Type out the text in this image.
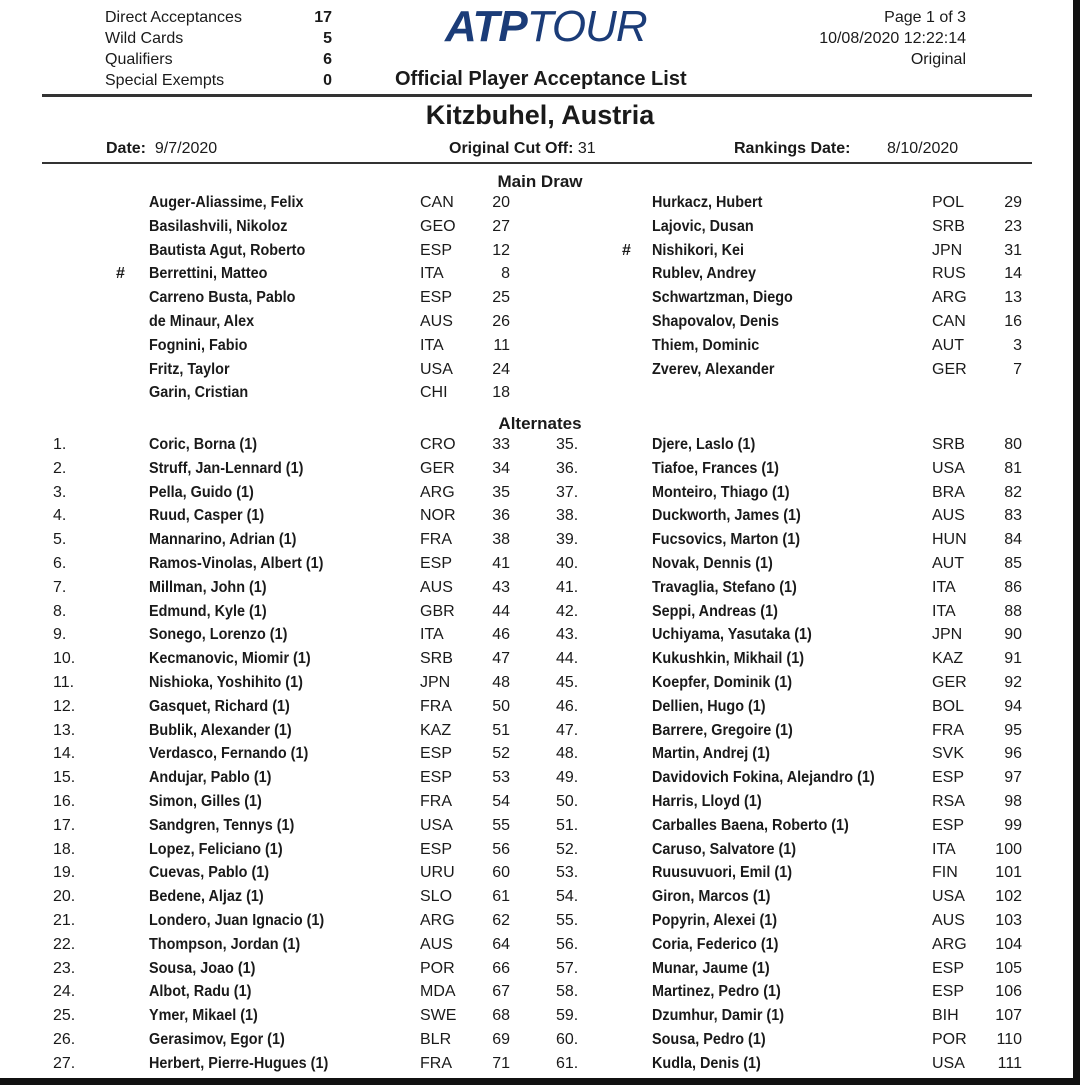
Direct Acceptances	17
Wild Cards	5
Qualifiers	6
Special Exempts	0
ATPTOUR	Page 1 of 3
10/08/2020 12:22:14
Original
Official Player Acceptance List
Kitzbuhel, Austria
Date: 9/7/2020	Original Cut Off: 31	Rankings Date: 8/10/2020
Main Draw
Alternates
Auger-Aliassime, Felix	CAN	20
Basilashvili, Nikoloz	GEO	27
Bautista Agut, Roberto	ESP	12
# Berrettini, Matteo	ITA	8
Carreno Busta, Pablo	ESP	25
de Minaur, Alex	AUS	26
Fognini, Fabio	ITA	11
Fritz, Taylor	USA	24
Garin, Cristian	CHI	18
Hurkacz, Hubert	POL	29
Lajovic, Dusan	SRB	23
# Nishikori, Kei	JPN	31
Rublev, Andrey	RUS	14
Schwartzman, Diego	ARG	13
Shapovalov, Denis	CAN	16
Thiem, Dominic	AUT	3
Zverev, Alexander	GER	7
1.	Coric, Borna (1)	CRO	33
2.	Struff, Jan-Lennard (1)	GER	34
3.	Pella, Guido (1)	ARG	35
4.	Ruud, Casper (1)	NOR	36
5.	Mannarino, Adrian (1)	FRA	38
6.	Ramos-Vinolas, Albert (1)	ESP	41
7.	Millman, John (1)	AUS	43
8.	Edmund, Kyle (1)	GBR	44
9.	Sonego, Lorenzo (1)	ITA	46
10.	Kecmanovic, Miomir (1)	SRB	47
11.	Nishioka, Yoshihito (1)	JPN	48
12.	Gasquet, Richard (1)	FRA	50
13.	Bublik, Alexander (1)	KAZ	51
14.	Verdasco, Fernando (1)	ESP	52
15.	Andujar, Pablo (1)	ESP	53
16.	Simon, Gilles (1)	FRA	54
17.	Sandgren, Tennys (1)	USA	55
18.	Lopez, Feliciano (1)	ESP	56
19.	Cuevas, Pablo (1)	URU	60
20.	Bedene, Aljaz (1)	SLO	61
21.	Londero, Juan Ignacio (1)	ARG	62
22.	Thompson, Jordan (1)	AUS	64
23.	Sousa, Joao (1)	POR	66
24.	Albot, Radu (1)	MDA	67
25.	Ymer, Mikael (1)	SWE	68
26.	Gerasimov, Egor (1)	BLR	69
27.	Herbert, Pierre-Hugues (1)	FRA	71
35.	Djere, Laslo (1)	SRB	80
36.	Tiafoe, Frances (1)	USA	81
37.	Monteiro, Thiago (1)	BRA	82
38.	Duckworth, James (1)	AUS	83
39.	Fucsovics, Marton (1)	HUN	84
40.	Novak, Dennis (1)	AUT	85
41.	Travaglia, Stefano (1)	ITA	86
42.	Seppi, Andreas (1)	ITA	88
43.	Uchiyama, Yasutaka (1)	JPN	90
44.	Kukushkin, Mikhail (1)	KAZ	91
45.	Koepfer, Dominik (1)	GER	92
46.	Dellien, Hugo (1)	BOL	94
47.	Barrere, Gregoire (1)	FRA	95
48.	Martin, Andrej (1)	SVK	96
49.	Davidovich Fokina, Alejandro (1)	ESP	97
50.	Harris, Lloyd (1)	RSA	98
51.	Carballes Baena, Roberto (1)	ESP	99
52.	Caruso, Salvatore (1)	ITA	100
53.	Ruusuvuori, Emil (1)	FIN	101
54.	Giron, Marcos (1)	USA	102
55.	Popyrin, Alexei (1)	AUS	103
56.	Coria, Federico (1)	ARG	104
57.	Munar, Jaume (1)	ESP	105
58.	Martinez, Pedro (1)	ESP	106
59.	Dzumhur, Damir (1)	BIH	107
60.	Sousa, Pedro (1)	POR	110
61.	Kudla, Denis (1)	USA	111
